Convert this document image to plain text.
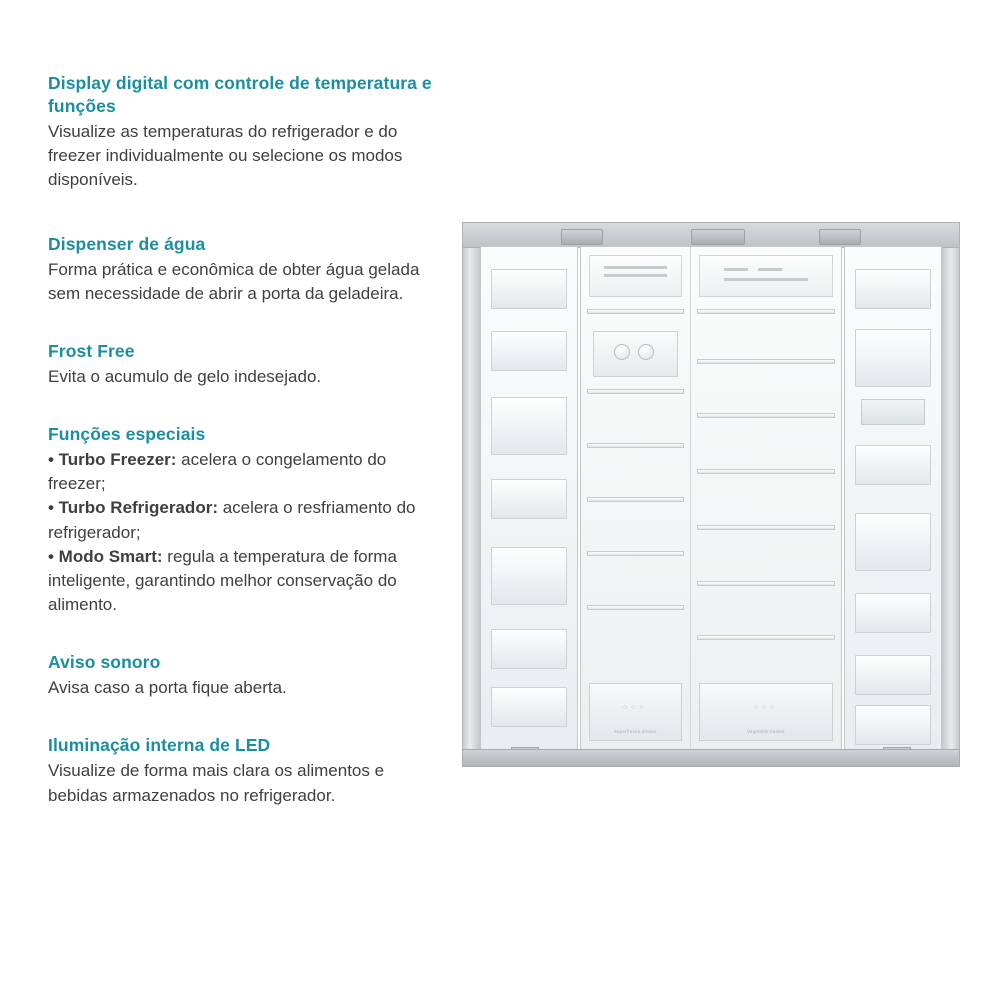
Display digital com controle de temperatura e funções

Visualize as temperaturas do refrigerador e do freezer individualmente ou selecione os modos disponíveis.

Dispenser de água

Forma prática e econômica de obter água gelada sem necessidade de abrir a porta da geladeira.

Frost Free

Evita o acumulo de gelo indesejado.

Funções especiais

• Turbo Freezer: acelera o congelamento do freezer;
• Turbo Refrigerador: acelera o resfriamento do refrigerador;
• Modo Smart: regula a temperatura de forma inteligente, garantindo melhor conservação do alimento.

Aviso sonoro

Avisa caso a porta fique aberta.

Iluminação interna de LED

Visualize de forma mais clara os alimentos e bebidas armazenados no refrigerador.

○○○
Superfreeze drawer
○○○
Vegetable basket
